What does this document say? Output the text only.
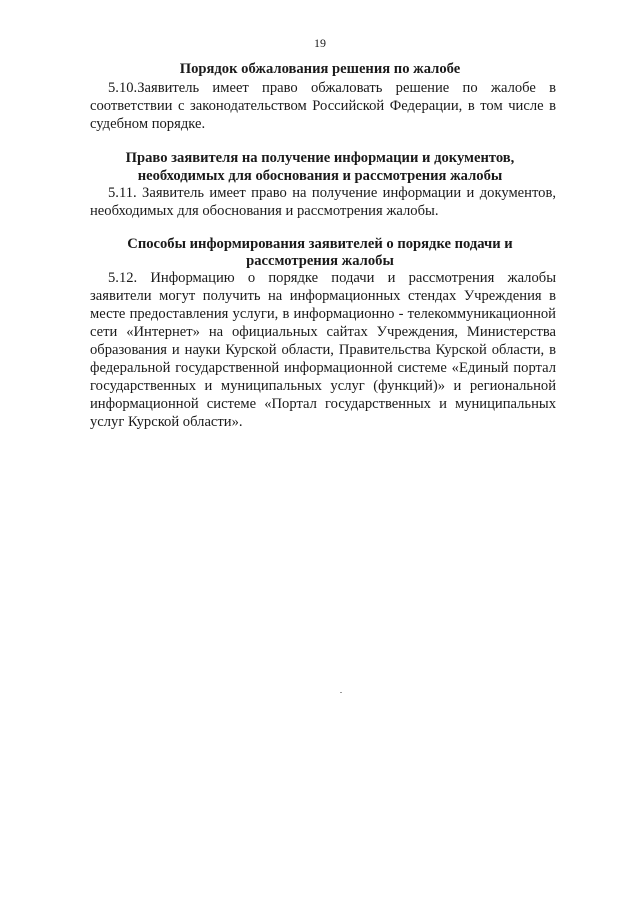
19
Порядок обжалования решения по жалобе
5.10.Заявитель имеет право обжаловать решение по жалобе в
соответствии с законодательством Российской Федерации, в том числе в
судебном порядке.
Право заявителя на получение информации и документов,
необходимых для обоснования и рассмотрения жалобы
5.11. Заявитель имеет право на получение информации и документов,
необходимых для обоснования и рассмотрения жалобы.
Способы информирования заявителей о порядке подачи и
рассмотрения жалобы
5.12. Информацию о порядке подачи и рассмотрения жалобы
заявители могут получить на информационных стендах Учреждения в
месте предоставления услуги, в информационно - телекоммуникационной
сети «Интернет» на официальных сайтах Учреждения, Министерства
образования и науки Курской области, Правительства Курской области, в
федеральной государственной информационной системе «Единый портал
государственных и муниципальных услуг (функций)» и региональной
информационной системе «Портал государственных и муниципальных
услуг Курской области».
